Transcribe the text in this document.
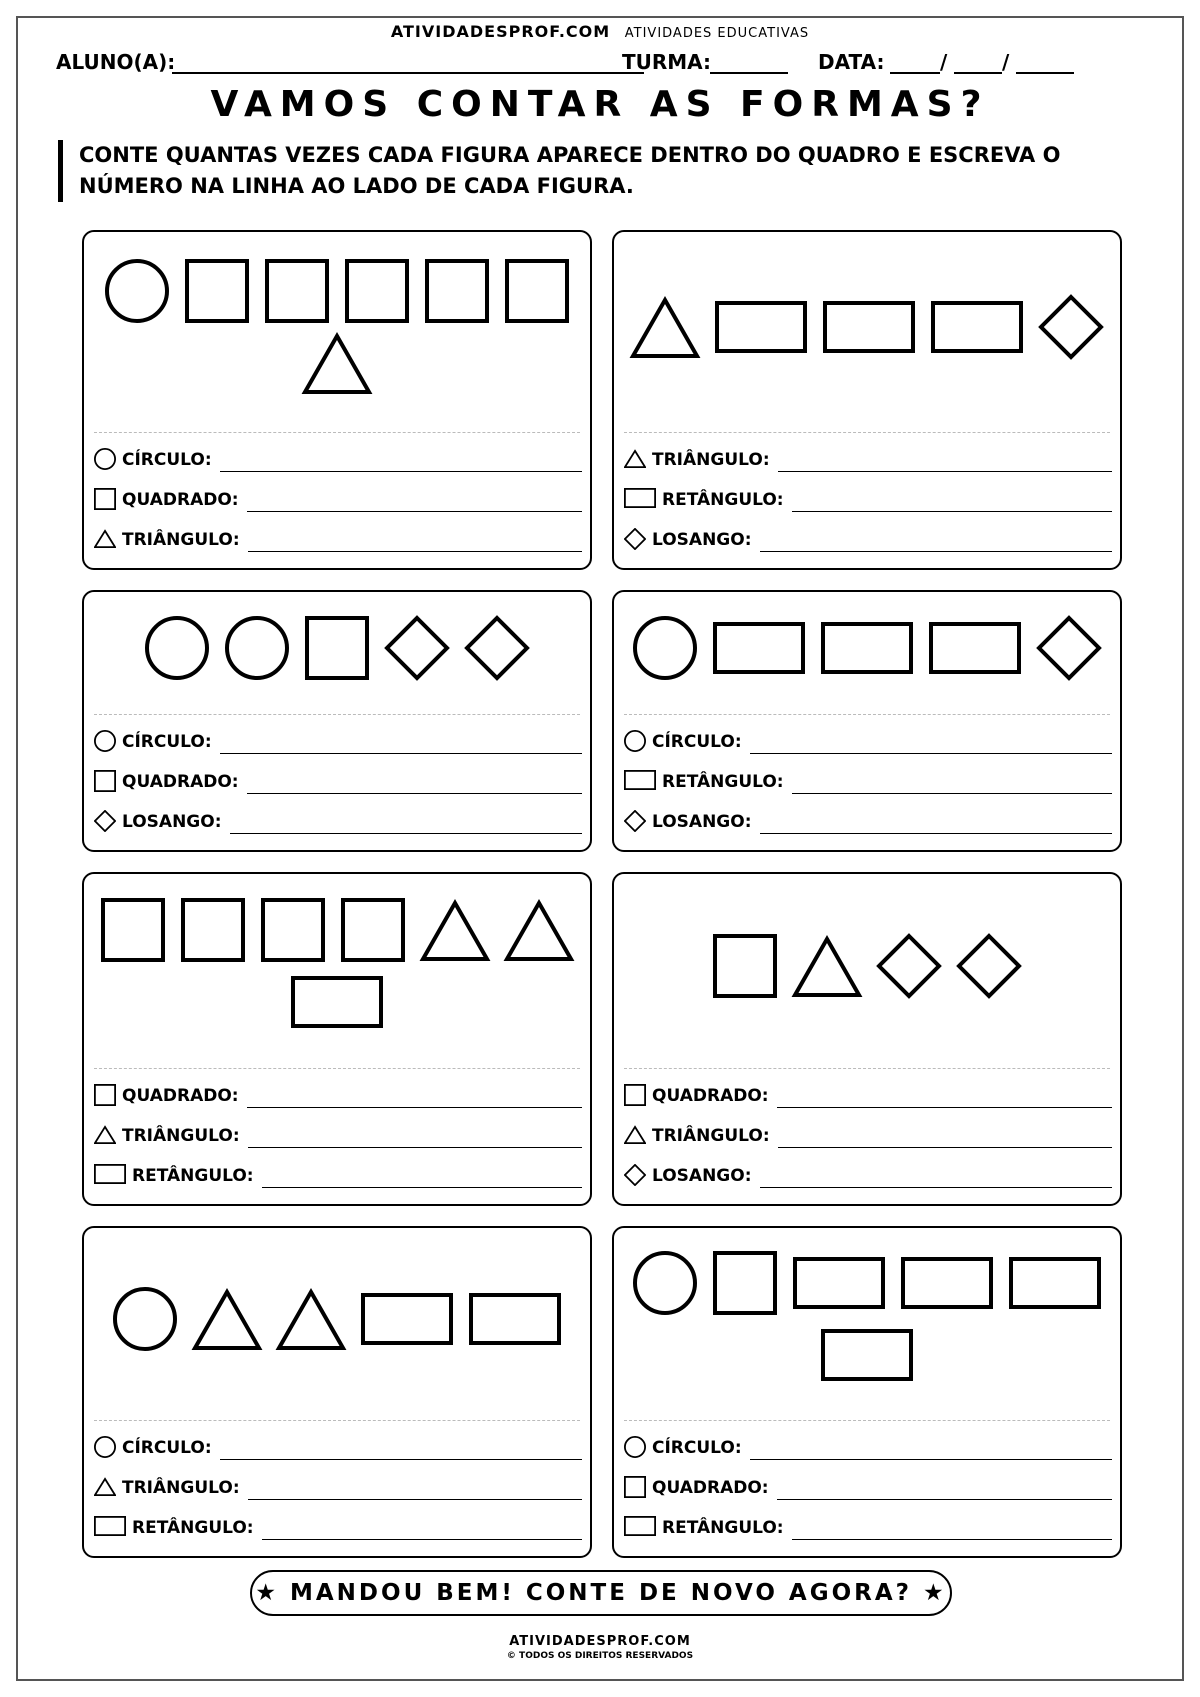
ATIVIDADESPROF.COM ATIVIDADES EDUCATIVAS
ALUNO(A):	TURMA:	DATA:	/	/
VAMOS CONTAR AS FORMAS?
CONTE QUANTAS VEZES CADA FIGURA APARECE DENTRO DO QUADRO E ESCREVA O NÚMERO NA LINHA AO LADO DE CADA FIGURA.
CÍRCULO:
QUADRADO:
TRIÂNGULO:
TRIÂNGULO:
RETÂNGULO:
LOSANGO:
CÍRCULO:
QUADRADO:
LOSANGO:
CÍRCULO:
RETÂNGULO:
LOSANGO:
QUADRADO:
TRIÂNGULO:
RETÂNGULO:
QUADRADO:
TRIÂNGULO:
LOSANGO:
CÍRCULO:
TRIÂNGULO:
RETÂNGULO:
CÍRCULO:
QUADRADO:
RETÂNGULO:
★ MANDOU BEM! CONTE DE NOVO AGORA? ★
ATIVIDADESPROF.COM
© TODOS OS DIREITOS RESERVADOS
